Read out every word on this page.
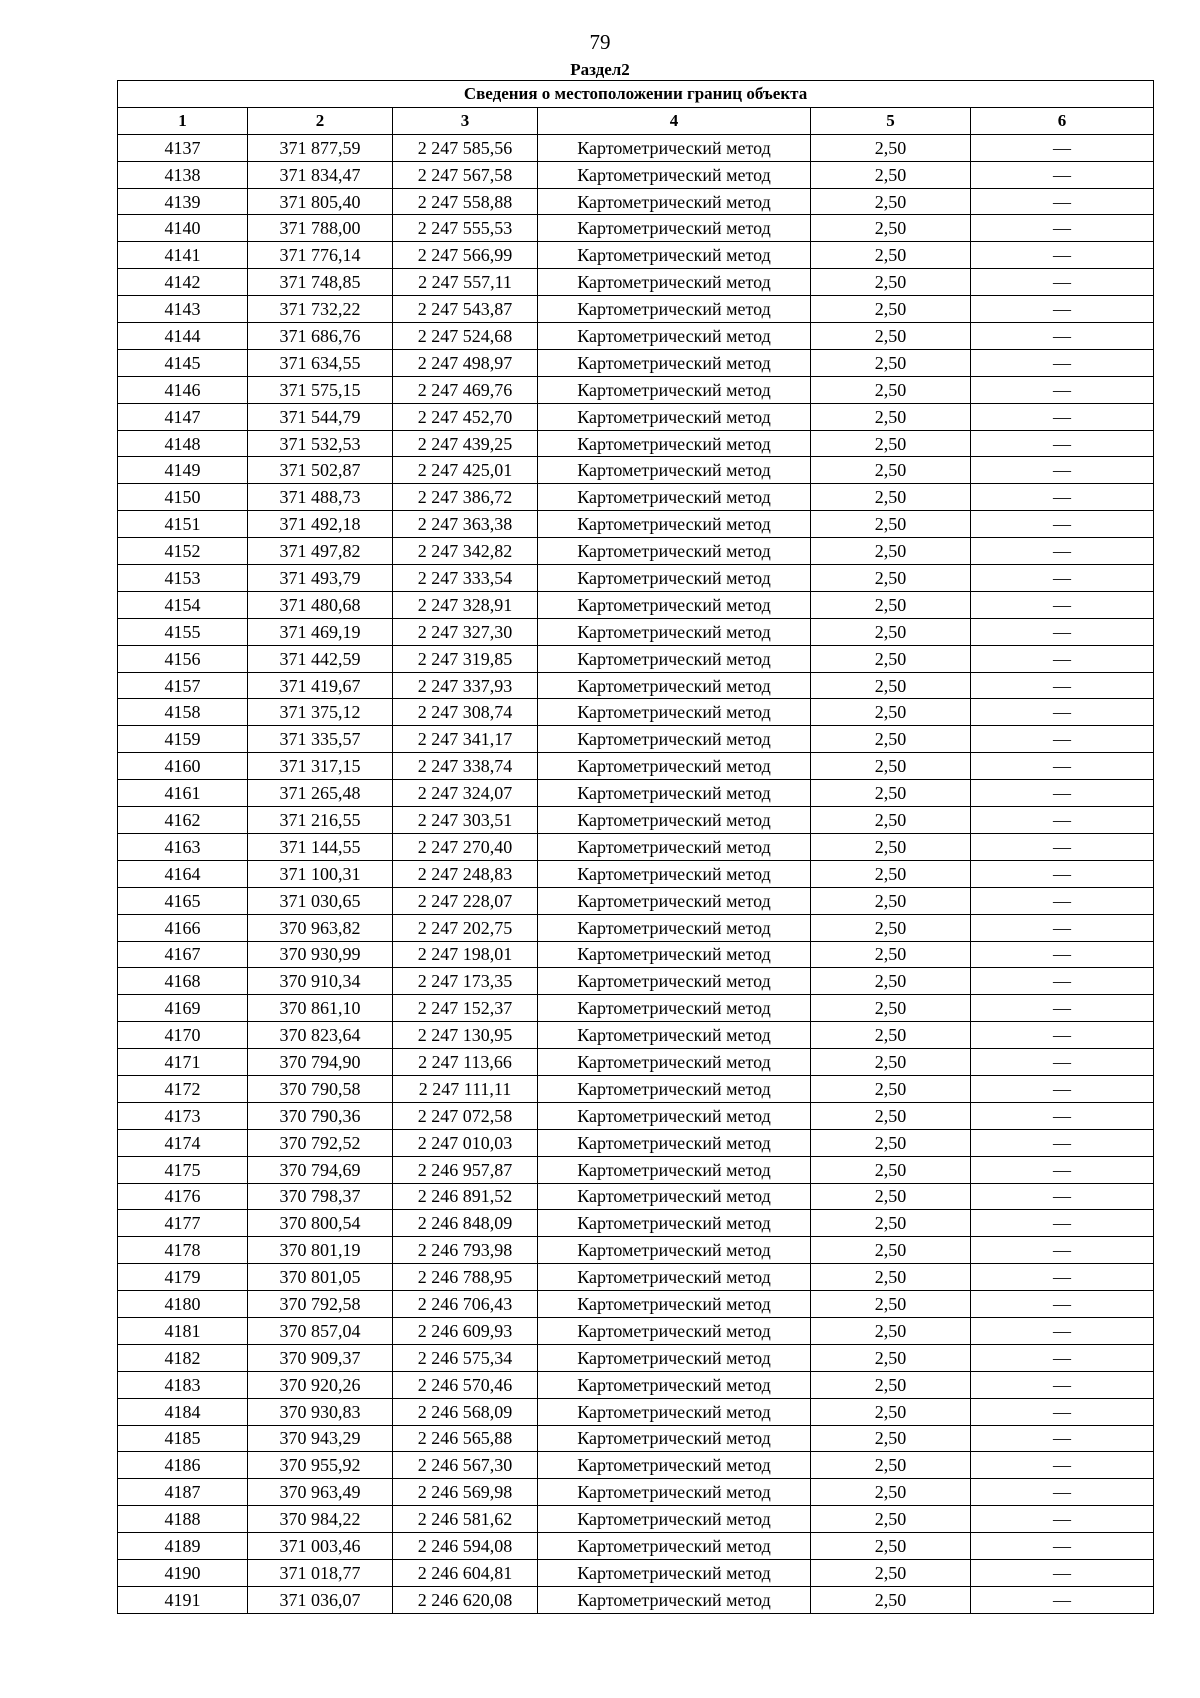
79
Раздел2
Сведения о местоположении границ объекта					
1	2	3	4	5	6
4137	371 877,59	2 247 585,56	Картометрический метод	2,50	—
4138	371 834,47	2 247 567,58	Картометрический метод	2,50	—
4139	371 805,40	2 247 558,88	Картометрический метод	2,50	—
4140	371 788,00	2 247 555,53	Картометрический метод	2,50	—
4141	371 776,14	2 247 566,99	Картометрический метод	2,50	—
4142	371 748,85	2 247 557,11	Картометрический метод	2,50	—
4143	371 732,22	2 247 543,87	Картометрический метод	2,50	—
4144	371 686,76	2 247 524,68	Картометрический метод	2,50	—
4145	371 634,55	2 247 498,97	Картометрический метод	2,50	—
4146	371 575,15	2 247 469,76	Картометрический метод	2,50	—
4147	371 544,79	2 247 452,70	Картометрический метод	2,50	—
4148	371 532,53	2 247 439,25	Картометрический метод	2,50	—
4149	371 502,87	2 247 425,01	Картометрический метод	2,50	—
4150	371 488,73	2 247 386,72	Картометрический метод	2,50	—
4151	371 492,18	2 247 363,38	Картометрический метод	2,50	—
4152	371 497,82	2 247 342,82	Картометрический метод	2,50	—
4153	371 493,79	2 247 333,54	Картометрический метод	2,50	—
4154	371 480,68	2 247 328,91	Картометрический метод	2,50	—
4155	371 469,19	2 247 327,30	Картометрический метод	2,50	—
4156	371 442,59	2 247 319,85	Картометрический метод	2,50	—
4157	371 419,67	2 247 337,93	Картометрический метод	2,50	—
4158	371 375,12	2 247 308,74	Картометрический метод	2,50	—
4159	371 335,57	2 247 341,17	Картометрический метод	2,50	—
4160	371 317,15	2 247 338,74	Картометрический метод	2,50	—
4161	371 265,48	2 247 324,07	Картометрический метод	2,50	—
4162	371 216,55	2 247 303,51	Картометрический метод	2,50	—
4163	371 144,55	2 247 270,40	Картометрический метод	2,50	—
4164	371 100,31	2 247 248,83	Картометрический метод	2,50	—
4165	371 030,65	2 247 228,07	Картометрический метод	2,50	—
4166	370 963,82	2 247 202,75	Картометрический метод	2,50	—
4167	370 930,99	2 247 198,01	Картометрический метод	2,50	—
4168	370 910,34	2 247 173,35	Картометрический метод	2,50	—
4169	370 861,10	2 247 152,37	Картометрический метод	2,50	—
4170	370 823,64	2 247 130,95	Картометрический метод	2,50	—
4171	370 794,90	2 247 113,66	Картометрический метод	2,50	—
4172	370 790,58	2 247 111,11	Картометрический метод	2,50	—
4173	370 790,36	2 247 072,58	Картометрический метод	2,50	—
4174	370 792,52	2 247 010,03	Картометрический метод	2,50	—
4175	370 794,69	2 246 957,87	Картометрический метод	2,50	—
4176	370 798,37	2 246 891,52	Картометрический метод	2,50	—
4177	370 800,54	2 246 848,09	Картометрический метод	2,50	—
4178	370 801,19	2 246 793,98	Картометрический метод	2,50	—
4179	370 801,05	2 246 788,95	Картометрический метод	2,50	—
4180	370 792,58	2 246 706,43	Картометрический метод	2,50	—
4181	370 857,04	2 246 609,93	Картометрический метод	2,50	—
4182	370 909,37	2 246 575,34	Картометрический метод	2,50	—
4183	370 920,26	2 246 570,46	Картометрический метод	2,50	—
4184	370 930,83	2 246 568,09	Картометрический метод	2,50	—
4185	370 943,29	2 246 565,88	Картометрический метод	2,50	—
4186	370 955,92	2 246 567,30	Картометрический метод	2,50	—
4187	370 963,49	2 246 569,98	Картометрический метод	2,50	—
4188	370 984,22	2 246 581,62	Картометрический метод	2,50	—
4189	371 003,46	2 246 594,08	Картометрический метод	2,50	—
4190	371 018,77	2 246 604,81	Картометрический метод	2,50	—
4191	371 036,07	2 246 620,08	Картометрический метод	2,50	—
